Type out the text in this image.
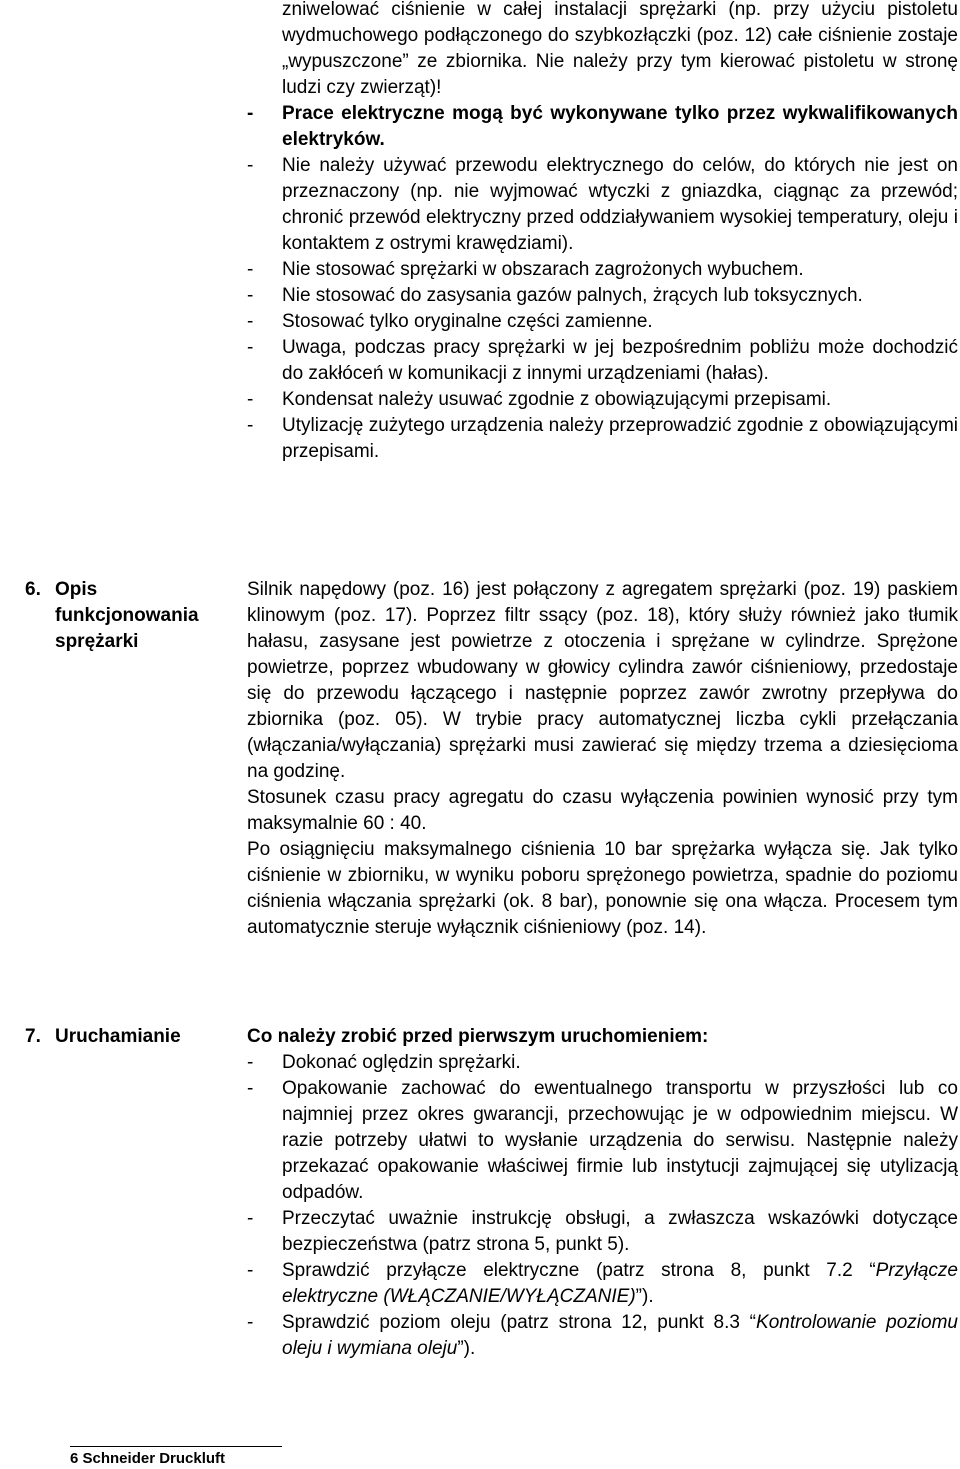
zniwelować ciśnienie w całej instalacji sprężarki (np. przy użyciu pistoletu wydmuchowego podłączonego do szybkozłączki (poz. 12) całe ciśnienie zostaje „wypuszczone” ze zbiornika. Nie należy przy tym kierować pistoletu w stronę ludzi czy zwierząt)!

-	Prace elektryczne mogą być wykonywane tylko przez wykwalifikowanych elektryków.

-	Nie należy używać przewodu elektrycznego do celów, do których nie jest on przeznaczony (np. nie wyjmować wtyczki z gniazdka, ciągnąc za przewód; chronić przewód elektryczny przed oddziaływaniem wysokiej temperatury, oleju i kontaktem z ostrymi krawędziami).

-	Nie stosować sprężarki w obszarach zagrożonych wybuchem.

-	Nie stosować do zasysania gazów palnych, żrących lub toksycznych.

-	Stosować tylko oryginalne części zamienne.

-	Uwaga, podczas pracy sprężarki w jej bezpośrednim pobliżu może dochodzić do zakłóceń w komunikacji z innymi urządzeniami (hałas).

-	Kondensat należy usuwać zgodnie z obowiązującymi przepisami.

-	Utylizację zużytego urządzenia należy przeprowadzić zgodnie z obowiązującymi przepisami.

6. Opis funkcjonowania sprężarki

Silnik napędowy (poz. 16) jest połączony z agregatem sprężarki (poz. 19) paskiem klinowym (poz. 17). Poprzez filtr ssący (poz. 18), który służy również jako tłumik hałasu, zasysane jest powietrze z otoczenia i sprężane w cylindrze. Sprężone powietrze, poprzez wbudowany w głowicy cylindra zawór ciśnieniowy, przedostaje się do przewodu łączącego i następnie poprzez zawór zwrotny przepływa do zbiornika (poz. 05). W trybie pracy automatycznej liczba cykli przełączania (włączania/wyłączania) sprężarki musi zawierać się między trzema a dziesięcioma na godzinę.

Stosunek czasu pracy agregatu do czasu wyłączenia powinien wynosić przy tym maksymalnie 60 : 40.

Po osiągnięciu maksymalnego ciśnienia 10 bar sprężarka wyłącza się. Jak tylko ciśnienie w zbiorniku, w wyniku poboru sprężonego powietrza, spadnie do poziomu ciśnienia włączania sprężarki (ok. 8 bar), ponownie się ona włącza. Procesem tym automatycznie steruje wyłącznik ciśnieniowy (poz. 14).

7. Uruchamianie	Co należy zrobić przed pierwszym uruchomieniem:

-	Dokonać oględzin sprężarki.

-	Opakowanie zachować do ewentualnego transportu w przyszłości lub co najmniej przez okres gwarancji, przechowując je w odpowiednim miejscu. W razie potrzeby ułatwi to wysłanie urządzenia do serwisu. Następnie należy przekazać opakowanie właściwej firmie lub instytucji zajmującej się utylizacją odpadów.

-	Przeczytać uważnie instrukcję obsługi, a zwłaszcza wskazówki dotyczące bezpieczeństwa (patrz strona 5, punkt 5).

-	Sprawdzić przyłącze elektryczne (patrz strona 8, punkt 7.2 “Przyłącze elektryczne (WŁĄCZANIE/WYŁĄCZANIE)”).

-	Sprawdzić poziom oleju (patrz strona 12, punkt 8.3 “Kontrolowanie poziomu oleju i wymiana oleju”).

6 Schneider Druckluft
